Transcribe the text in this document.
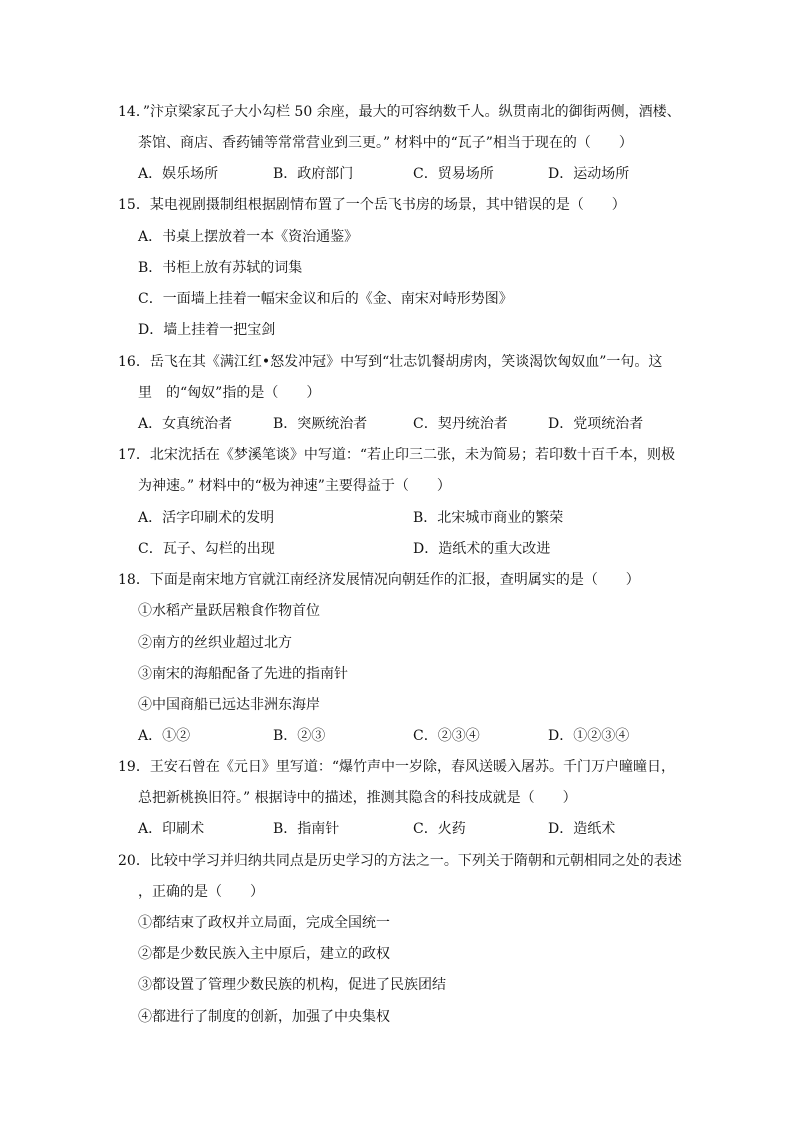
14．”汴京梁家瓦子大小勾栏 50 余座，最大的可容纳数千人。纵贯南北的御街两侧，酒楼、
茶馆、商店、香药铺等常常营业到三更。” 材料中的“瓦子”相当于现在的（　　）
A．娱乐场所	B．政府部门	C．贸易场所	D．运动场所
15．某电视剧摄制组根据剧情布置了一个岳飞书房的场景，其中错误的是（　　）
A．书桌上摆放着一本《资治通鉴》
B．书柜上放有苏轼的词集
C．一面墙上挂着一幅宋金议和后的《金、南宋对峙形势图》
D．墙上挂着一把宝剑
16．岳飞在其《满江红•怒发冲冠》中写到“壮志饥餐胡虏肉，笑谈渴饮匈奴血”一句。这
里　的“匈奴”指的是（　　）
A．女真统治者	B．突厥统治者	C．契丹统治者	D．党项统治者
17．北宋沈括在《梦溪笔谈》中写道：“若止印三二张，未为简易；若印数十百千本，则极
为神速。” 材料中的“极为神速”主要得益于（　　）
A．活字印刷术的发明	B．北宋城市商业的繁荣
C．瓦子、勾栏的出现	D．造纸术的重大改进
18．下面是南宋地方官就江南经济发展情况向朝廷作的汇报，查明属实的是（　　）
①水稻产量跃居粮食作物首位
②南方的丝织业超过北方
③南宋的海船配备了先进的指南针
④中国商船已远达非洲东海岸
A．①②	B．②③	C．②③④	D．①②③④
19．王安石曾在《元日》里写道：“爆竹声中一岁除，春风送暖入屠苏。千门万户曈曈日，
总把新桃换旧符。” 根据诗中的描述，推测其隐含的科技成就是（　　）
A．印刷术	B．指南针	C．火药	D．造纸术
20．比较中学习并归纳共同点是历史学习的方法之一。下列关于隋朝和元朝相同之处的表述
，正确的是（　　）
①都结束了政权并立局面，完成全国统一
②都是少数民族入主中原后，建立的政权
③都设置了管理少数民族的机构，促进了民族团结
④都进行了制度的创新，加强了中央集权
